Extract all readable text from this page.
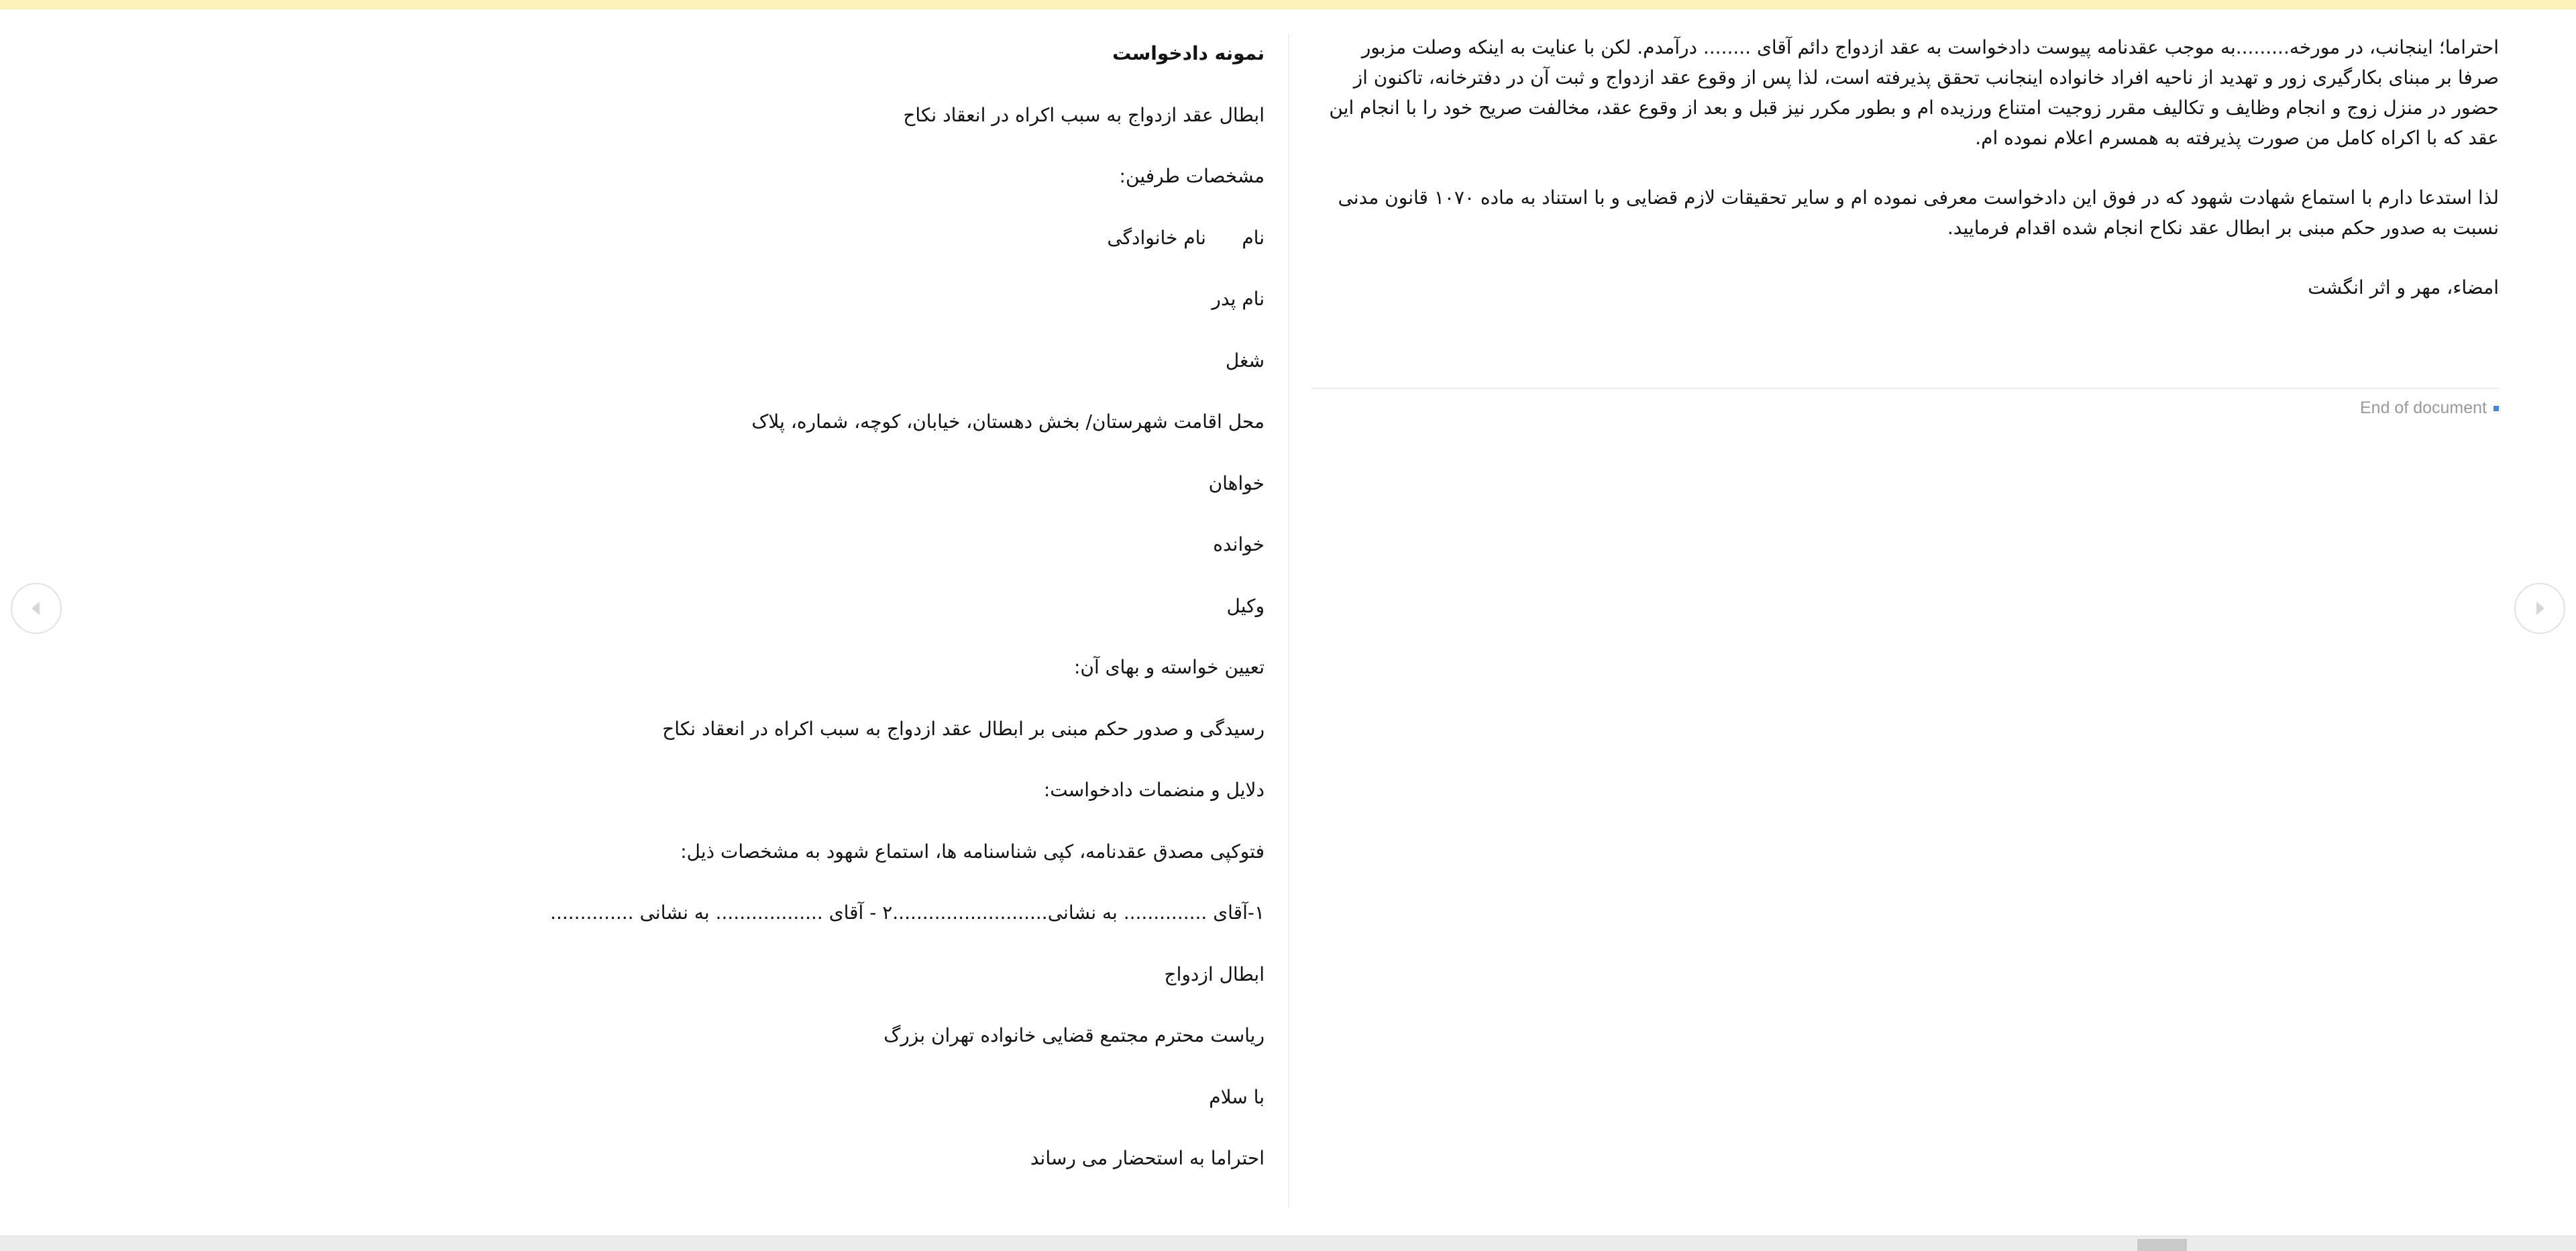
نمونه دادخواست

ابطال عقد ازدواج به سبب اکراه در انعقاد نکاح

مشخصات طرفین:

نام      نام خانوادگی

نام پدر

شغل

محل اقامت شهرستان/ بخش دهستان، خیابان، کوچه، شماره، پلاک

خواهان

خوانده

وکیل

تعیین خواسته و بهای آن:

رسیدگی و صدور حکم مبنی بر ابطال عقد ازدواج به سبب اکراه در انعقاد نکاح

دلایل و منضمات دادخواست:

فتوکپی مصدق عقدنامه، کپی شناسنامه ها، استماع شهود به مشخصات ذیل:

۱-آقای .............. به نشانی..........................۲ - آقای .................. به نشانی ..............

ابطال ازدواج

ریاست محترم مجتمع قضایی خانواده تهران بزرگ

با سلام

احتراما به استحضار می رساند

احتراما؛ اینجانب، در مورخه.........به موجب عقدنامه پیوست دادخواست به عقد ازدواج دائم آقای ........ درآمدم. لکن با عنایت به اینکه وصلت مزبور صرفا بر مبنای بکارگیری زور و تهدید از ناحیه افراد خانواده اینجانب تحقق پذیرفته است، لذا پس از وقوع عقد ازدواج و ثبت آن در دفترخانه، تاکنون از حضور در منزل زوج و انجام وظایف و تکالیف مقرر زوجیت امتناع ورزیده ام و بطور مکرر نیز قبل و بعد از وقوع عقد، مخالفت صریح خود را با انجام این عقد که با اکراه کامل من صورت پذیرفته به همسرم اعلام نموده ام.

لذا استدعا دارم با استماع شهادت شهود که در فوق این دادخواست معرفی نموده ام و سایر تحقیقات لازم قضایی و با استناد به ماده ۱۰۷۰ قانون مدنی نسبت به صدور حکم مبنی بر ابطال عقد نکاح انجام شده اقدام فرمایید.

امضاء، مهر و اثر انگشت

End of document
